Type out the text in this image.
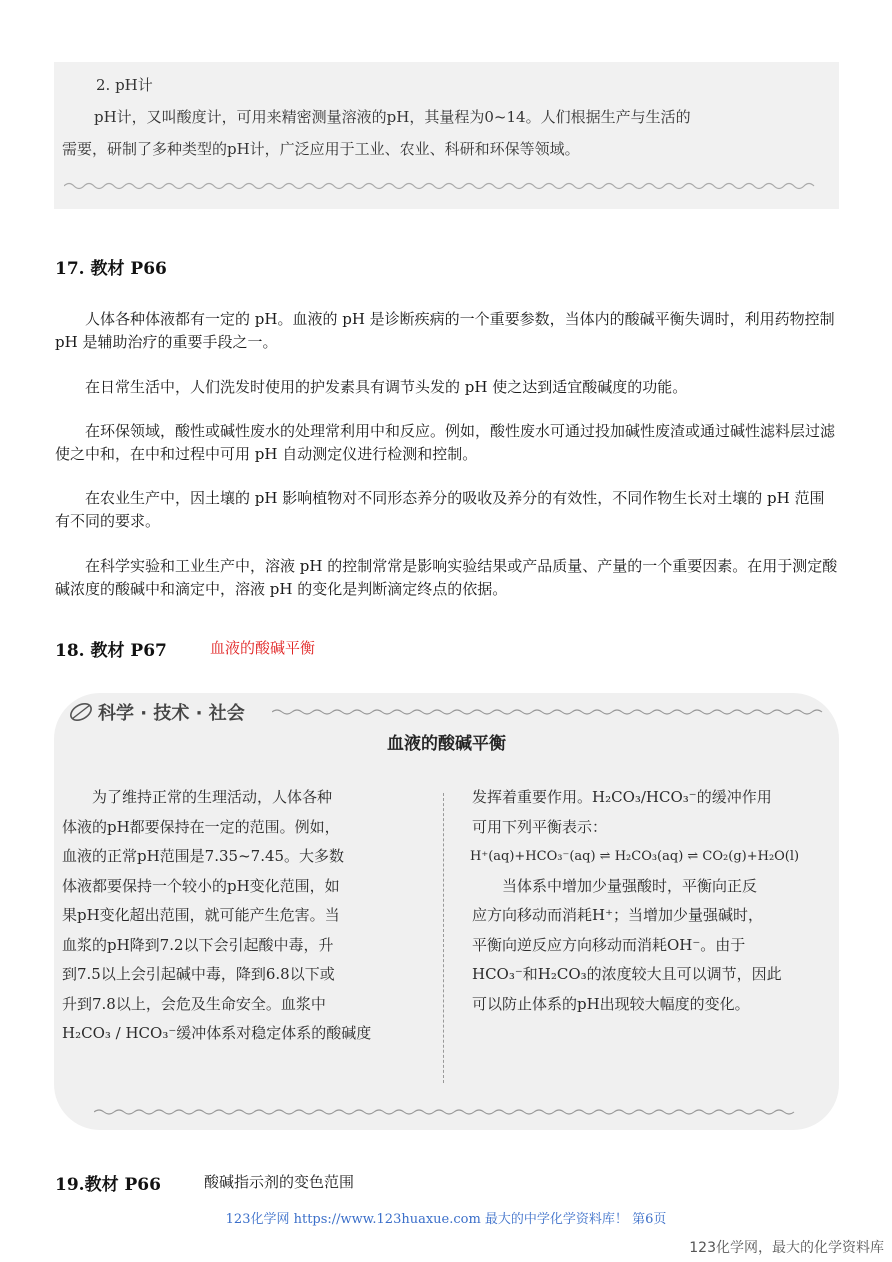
2. pH计
pH计，又叫酸度计，可用来精密测量溶液的pH，其量程为0~14。人们根据生产与生活的
需要，研制了多种类型的pH计，广泛应用于工业、农业、科研和环保等领域。
17. 教材 P66

人体各种体液都有一定的 pH。血液的 pH 是诊断疾病的一个重要参数，当体内的酸碱平衡失调时，利用药物控制 pH 是辅助治疗的重要手段之一。

在日常生活中，人们洗发时使用的护发素具有调节头发的 pH 使之达到适宜酸碱度的功能。

在环保领域，酸性或碱性废水的处理常利用中和反应。例如，酸性废水可通过投加碱性废渣或通过碱性滤料层过滤使之中和，在中和过程中可用 pH 自动测定仪进行检测和控制。

在农业生产中，因土壤的 pH 影响植物对不同形态养分的吸收及养分的有效性，不同作物生长对土壤的 pH 范围有不同的要求。

在科学实验和工业生产中，溶液 pH 的控制常常是影响实验结果或产品质量、产量的一个重要因素。在用于测定酸碱浓度的酸碱中和滴定中，溶液 pH 的变化是判断滴定终点的依据。

18. 教材 P67	血液的酸碱平衡
科学 · 技术 · 社会
血液的酸碱平衡
为了维持正常的生理活动，人体各种
体液的pH都要保持在一定的范围。例如，
血液的正常pH范围是7.35~7.45。大多数
体液都要保持一个较小的pH变化范围，如
果pH变化超出范围，就可能产生危害。当
血浆的pH降到7.2以下会引起酸中毒，升
到7.5以上会引起碱中毒，降到6.8以下或
升到7.8以上，会危及生命安全。血浆中
H₂CO₃ / HCO₃⁻缓冲体系对稳定体系的酸碱度
发挥着重要作用。H₂CO₃/HCO₃⁻的缓冲作用
可用下列平衡表示：
H⁺(aq)+HCO₃⁻(aq) ⇌ H₂CO₃(aq) ⇌ CO₂(g)+H₂O(l)
　　当体系中增加少量强酸时，平衡向正反
应方向移动而消耗H⁺；当增加少量强碱时，
平衡向逆反应方向移动而消耗OH⁻。由于
HCO₃⁻和H₂CO₃的浓度较大且可以调节，因此
可以防止体系的pH出现较大幅度的变化。
19.教材 P66	酸碱指示剂的变色范围
123化学网 https://www.123huaxue.com 最大的中学化学资料库！ 第6页
123化学网，最大的化学资料库
